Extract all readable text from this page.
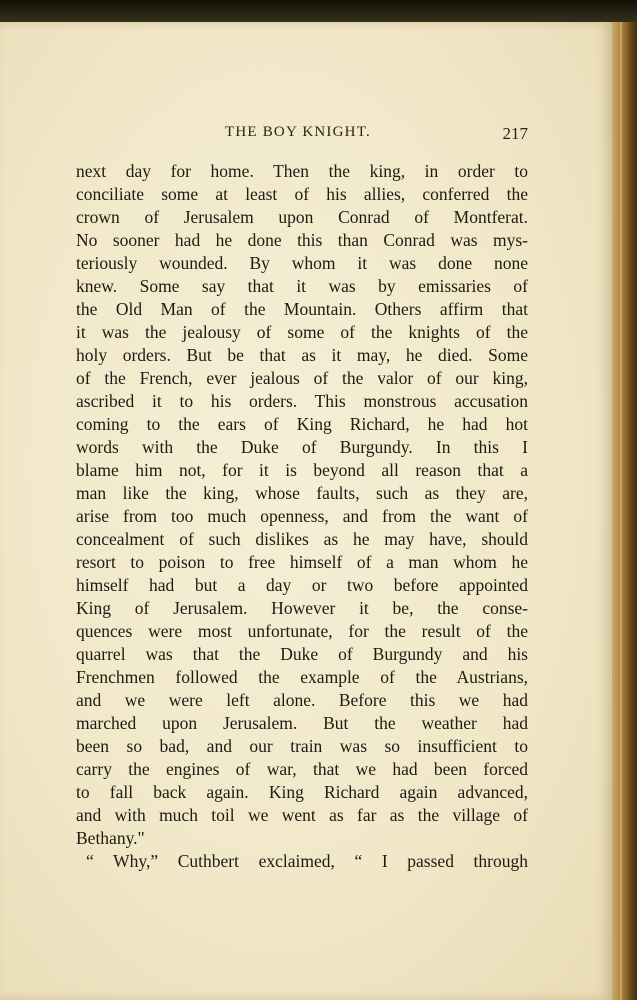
THE BOY KNIGHT.	217
next day for home. Then the king, in order to
conciliate some at least of his allies, conferred the
crown of Jerusalem upon Conrad of Montferat.
No sooner had he done this than Conrad was mys-
teriously wounded. By whom it was done none
knew. Some say that it was by emissaries of
the Old Man of the Mountain. Others affirm that
it was the jealousy of some of the knights of the
holy orders. But be that as it may, he died. Some
of the French, ever jealous of the valor of our king,
ascribed it to his orders. This monstrous accusation
coming to the ears of King Richard, he had hot
words with the Duke of Burgundy. In this I
blame him not, for it is beyond all reason that a
man like the king, whose faults, such as they are,
arise from too much openness, and from the want of
concealment of such dislikes as he may have, should
resort to poison to free himself of a man whom he
himself had but a day or two before appointed
King of Jerusalem. However it be, the conse-
quences were most unfortunate, for the result of the
quarrel was that the Duke of Burgundy and his
Frenchmen followed the example of the Austrians,
and we were left alone. Before this we had
marched upon Jerusalem. But the weather had
been so bad, and our train was so insufficient to
carry the engines of war, that we had been forced
to fall back again. King Richard again advanced,
and with much toil we went as far as the village of
Bethany."
“ Why,” Cuthbert exclaimed, “ I passed through
